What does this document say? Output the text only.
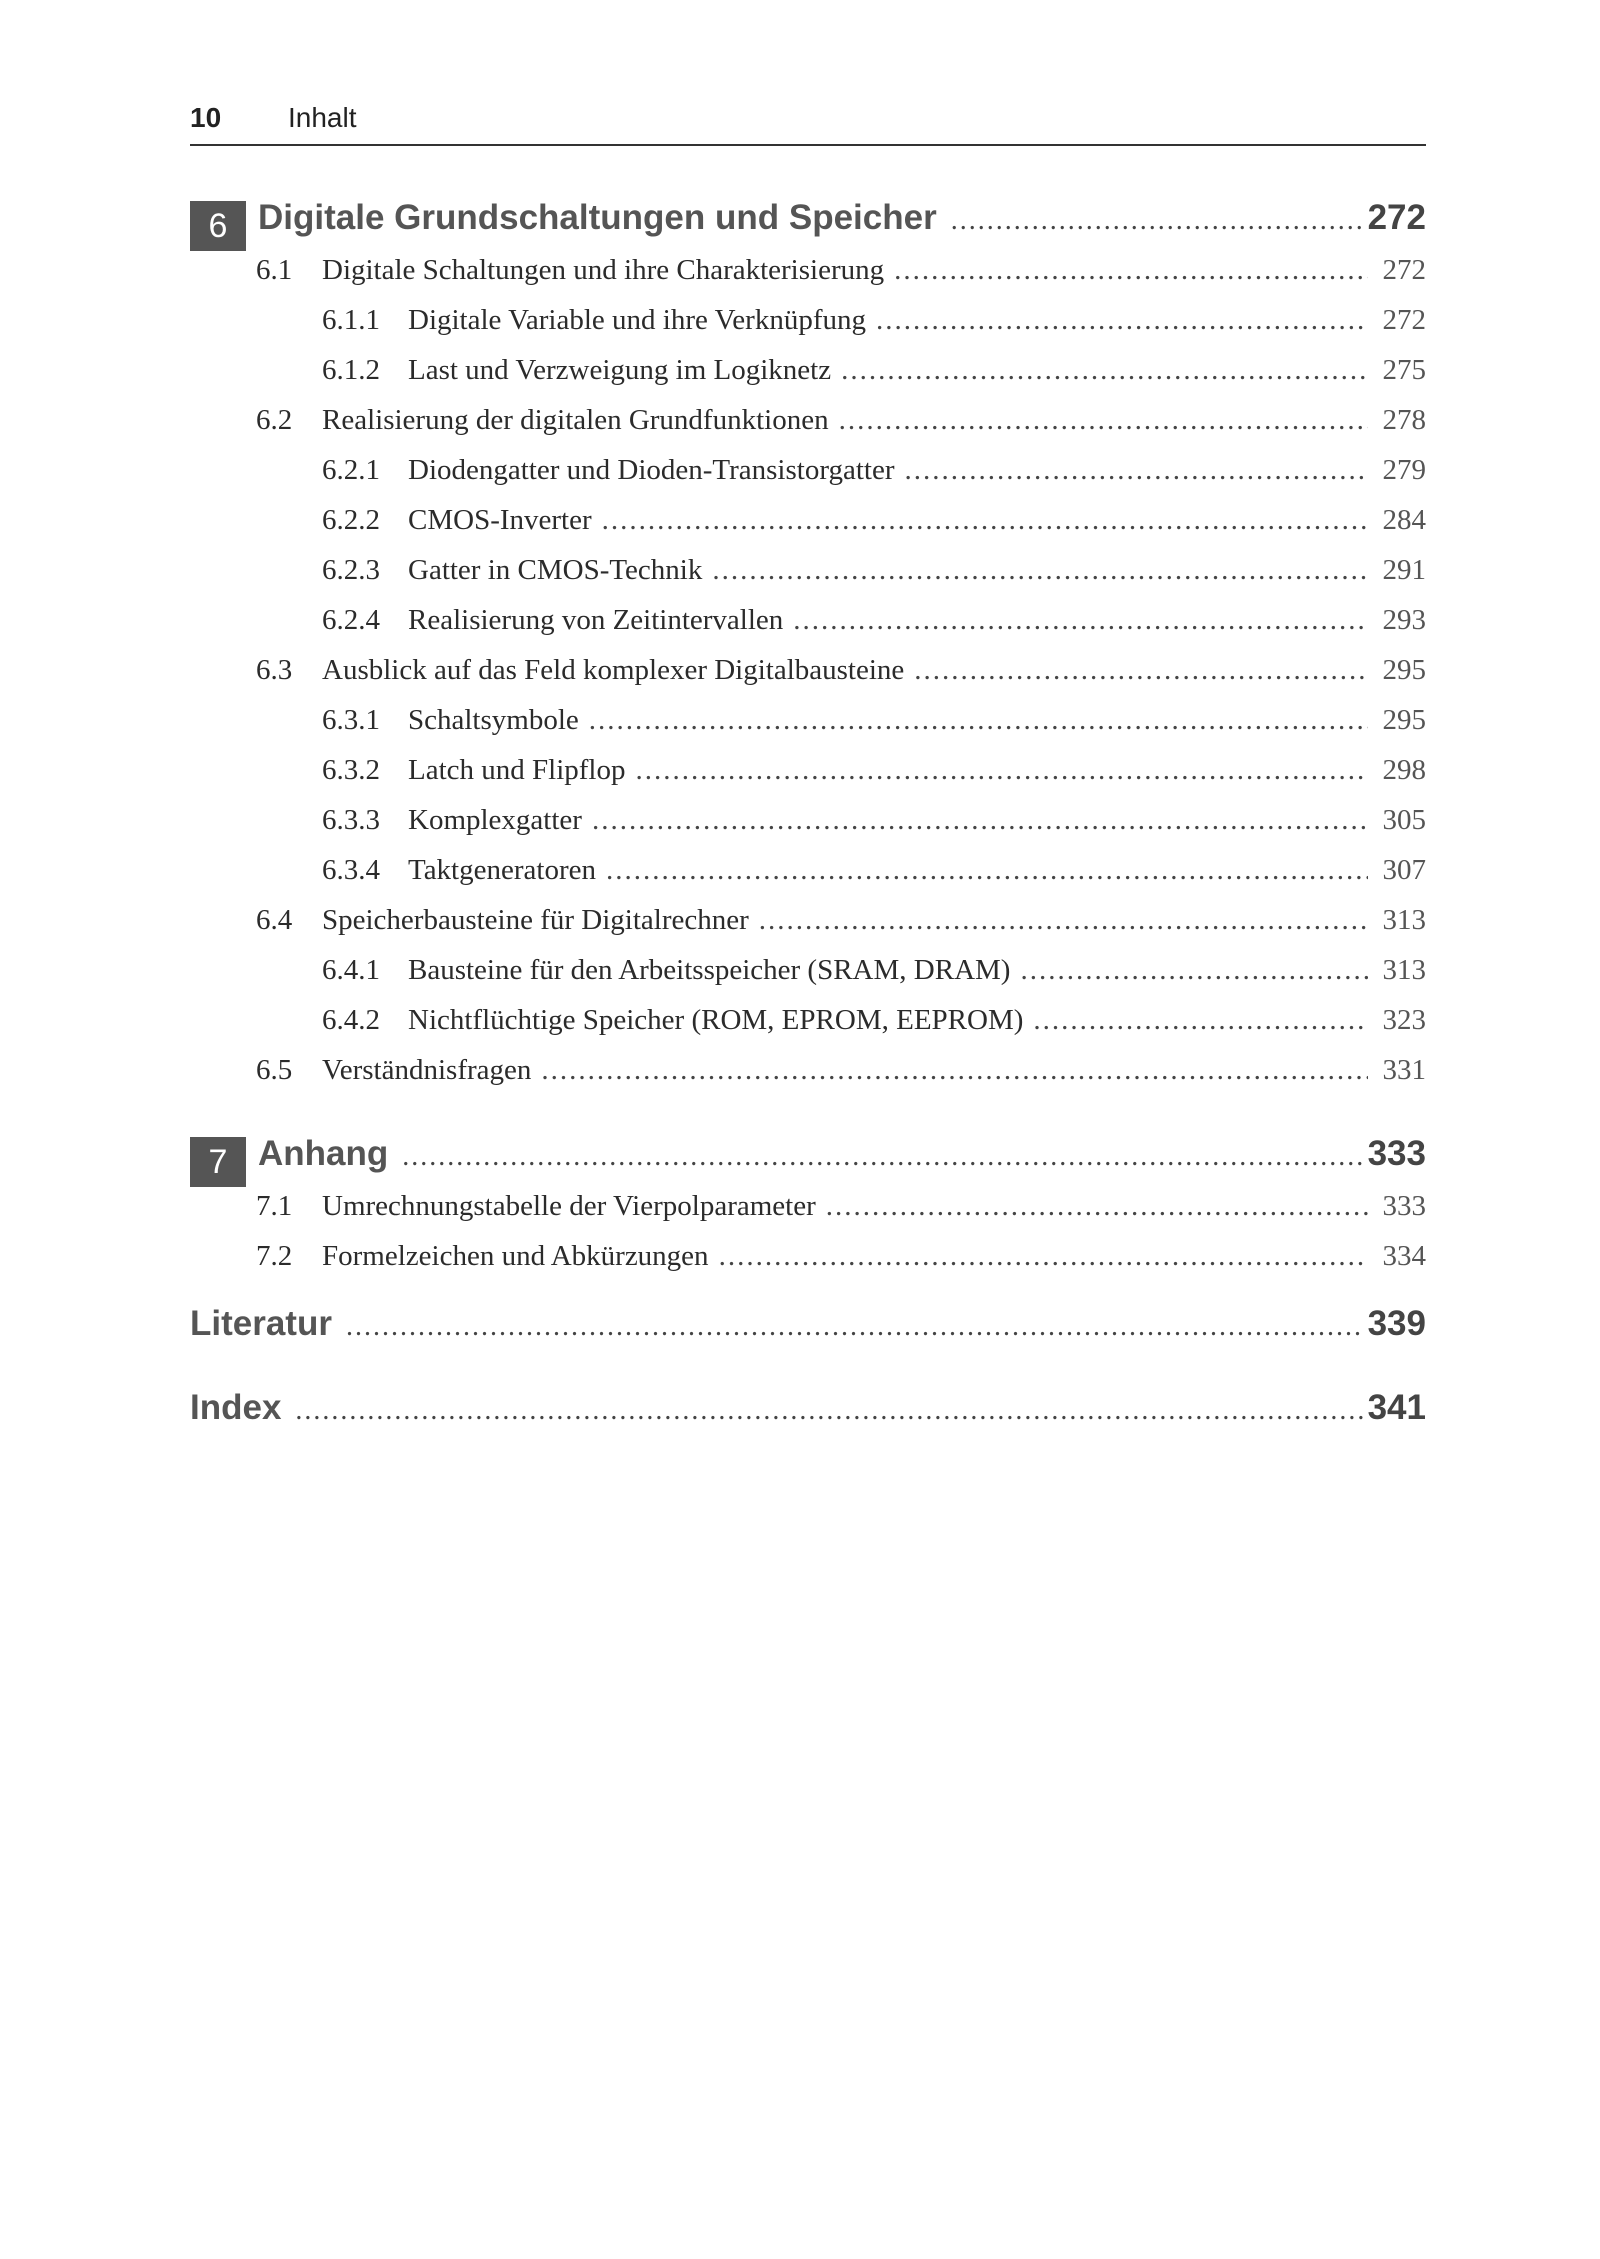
10 Inhalt
6 Digitale Grundschaltungen und Speicher .....	272
6.1	Digitale Schaltungen und ihre Charakterisierung .....	272
6.1.1 Digitale Variable und ihre Verknüpfung .....	272
6.1.2 Last und Verzweigung im Logiknetz .....	275
6.2	Realisierung der digitalen Grundfunktionen .....	278
6.2.1 Diodengatter und Dioden-Transistorgatter .....	279
6.2.2 CMOS-Inverter .....	284
6.2.3 Gatter in CMOS-Technik .....	291
6.2.4 Realisierung von Zeitintervallen .....	293
6.3	Ausblick auf das Feld komplexer Digitalbausteine .....	295
6.3.1 Schaltsymbole .....	295
6.3.2 Latch und Flipflop .....	298
6.3.3 Komplexgatter .....	305
6.3.4 Taktgeneratoren .....	307
6.4	Speicherbausteine für Digitalrechner .....	313
6.4.1 Bausteine für den Arbeitsspeicher (SRAM, DRAM) .....	313
6.4.2 Nichtflüchtige Speicher (ROM, EPROM, EEPROM) .....	323
6.5	Verständnisfragen .....	331
7 Anhang .....	333
7.1	Umrechnungstabelle der Vierpolparameter .....	333
7.2	Formelzeichen und Abkürzungen .....	334
Literatur .....	339
Index .....	341
